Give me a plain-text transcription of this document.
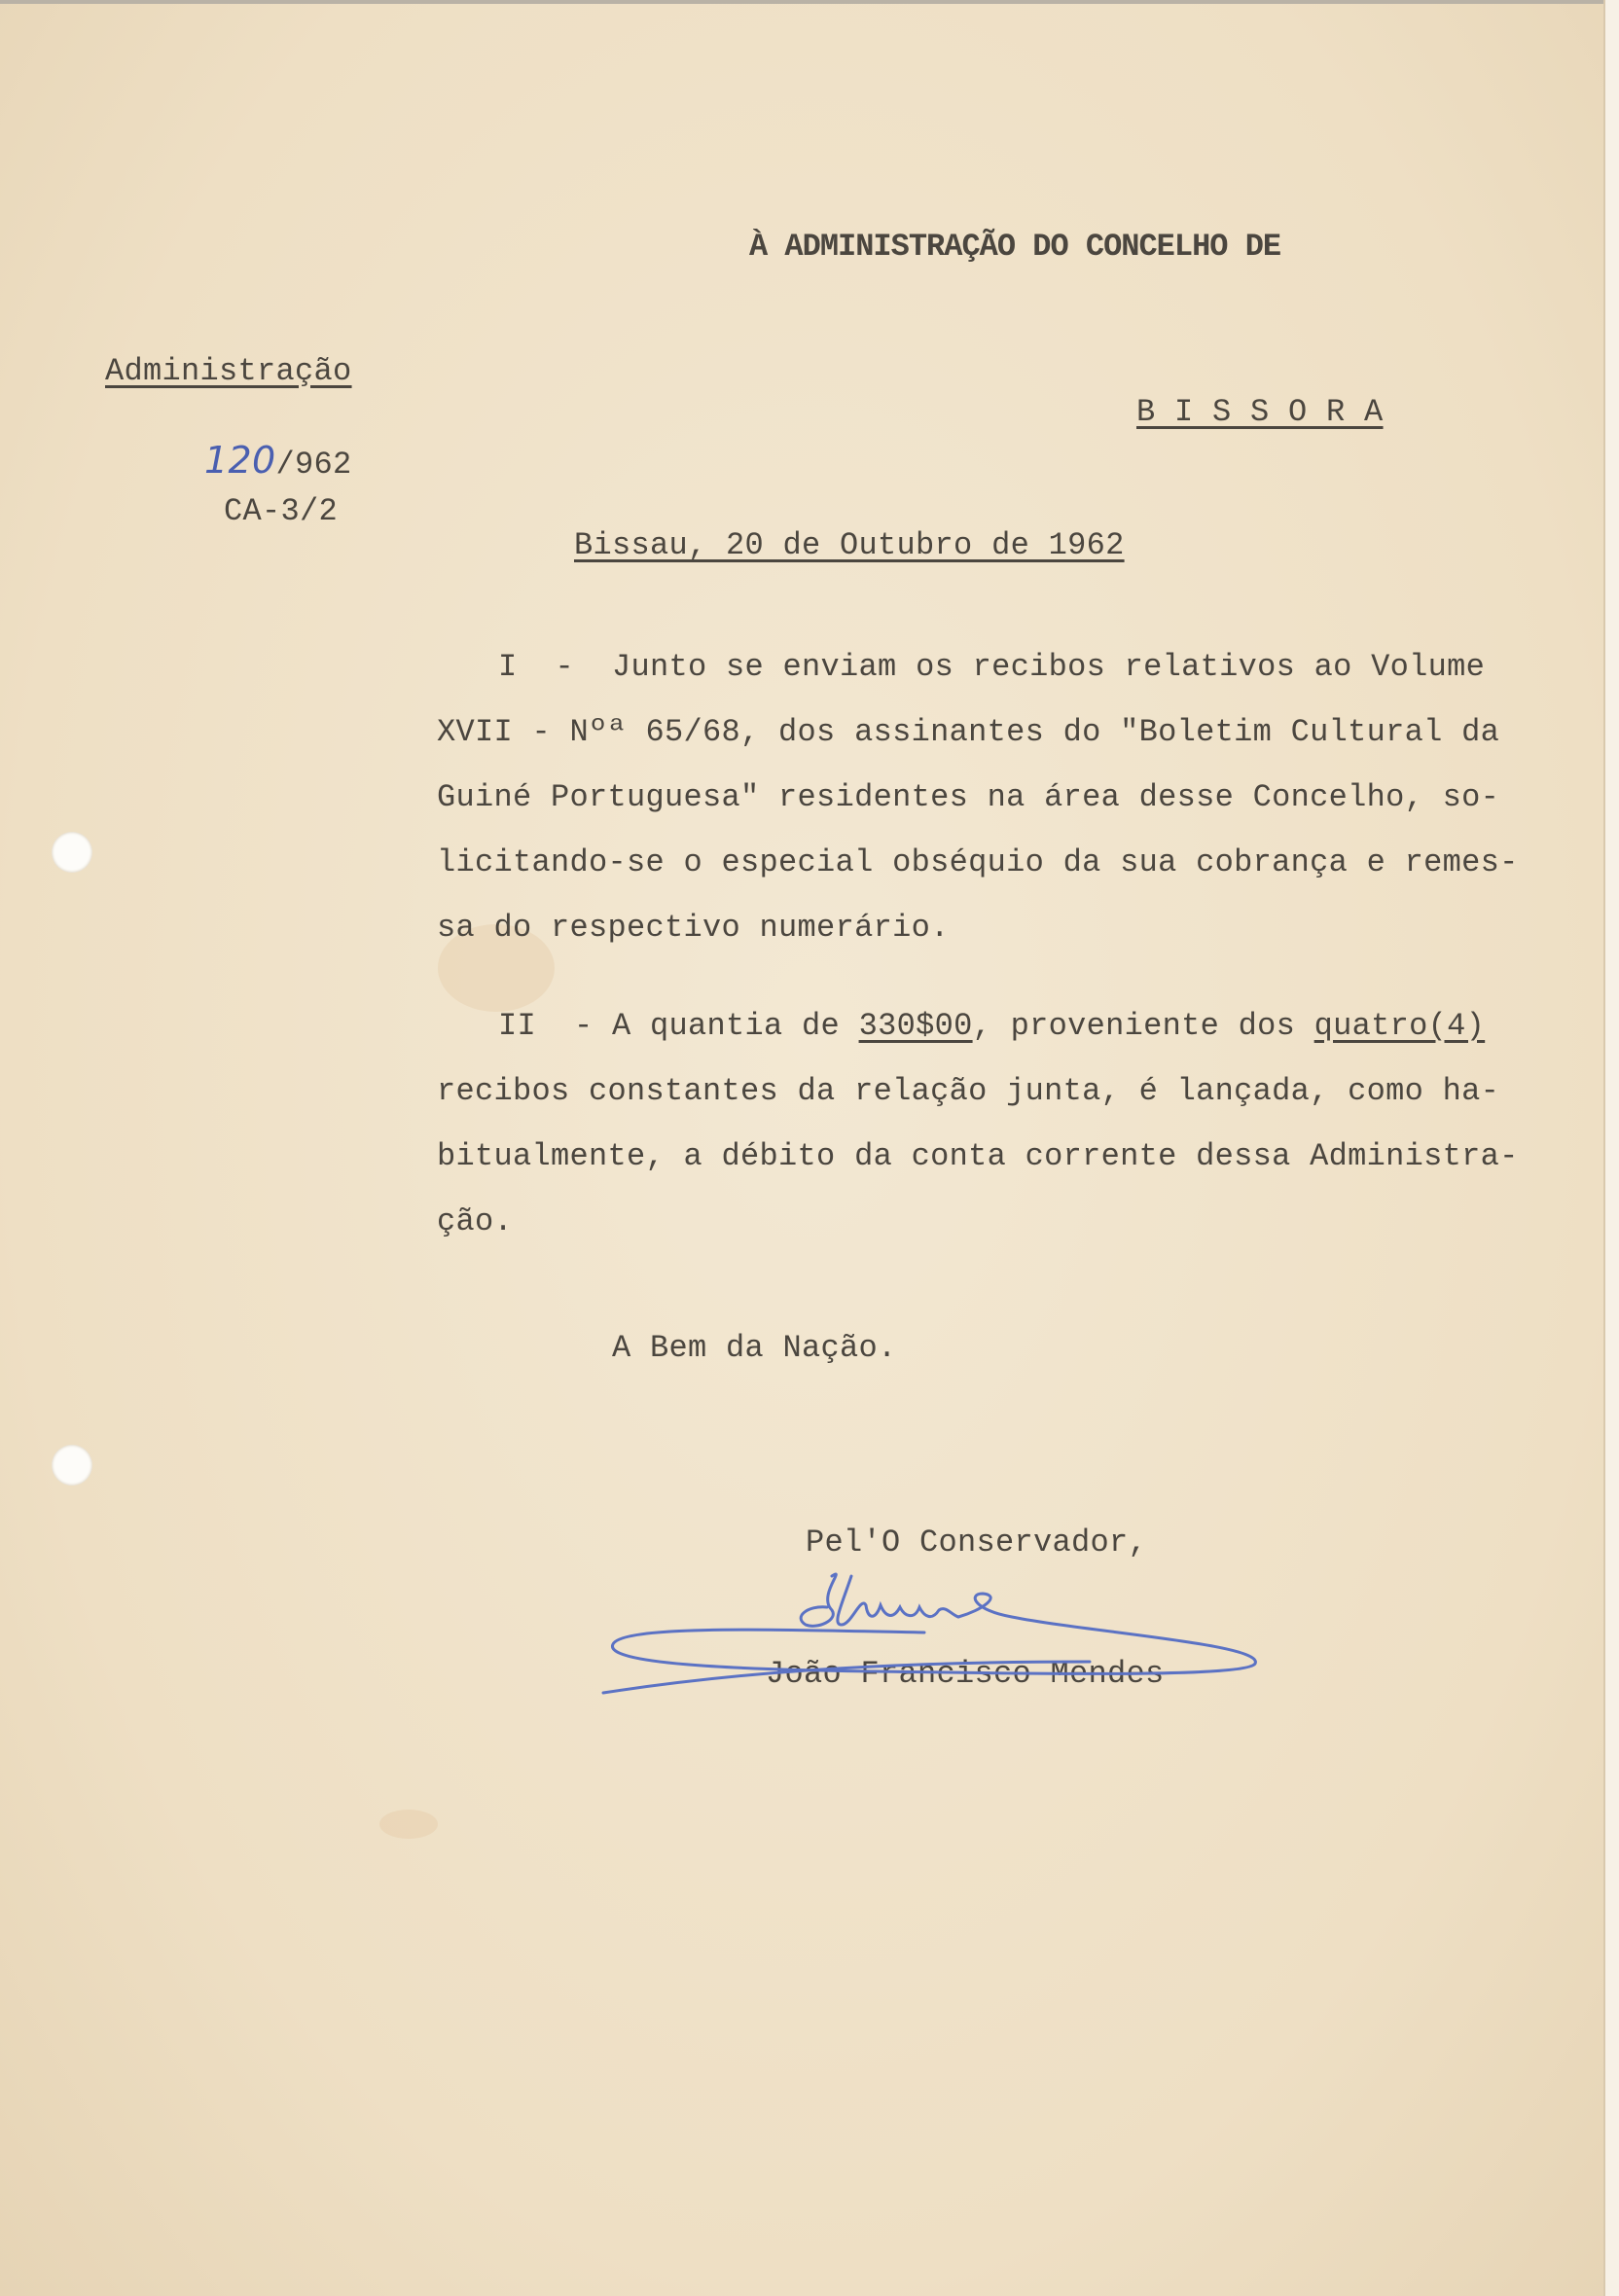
À ADMINISTRAÇÃO DO CONCELHO DE
B I S S O R A
Administração
120/962
CA-3/2
Bissau, 20 de Outubro de 1962
I  -  Junto se enviam os recibos relativos ao Volume
XVII - Nºª 65/68, dos assinantes do "Boletim Cultural da
Guiné Portuguesa" residentes na área desse Concelho, so-
licitando-se o especial obséquio da sua cobrança e remes-
sa do respectivo numerário.
II  - A quantia de 330$00, proveniente dos quatro(4)
recibos constantes da relação junta, é lançada, como ha-
bitualmente, a débito da conta corrente dessa Administra-
ção.
A Bem da Nação.
Pel'O Conservador,
João Francisco Mendes
